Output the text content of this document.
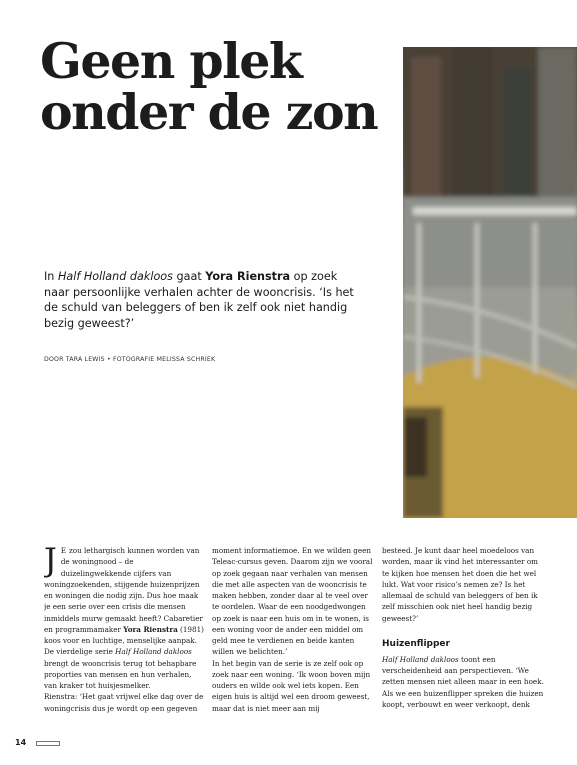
Geen plek
onder de zon

In Half Holland dakloos gaat Yora Rienstra op zoek naar persoonlijke verhalen achter de wooncrisis. ‘Is het de schuld van beleggers of ben ik zelf ook niet handig bezig geweest?’

DOOR TARA LEWIS • FOTOGRAFIE MELISSA SCHRIEK

J E zou lethargisch kunnen worden van de woningnood – de duizelingwekkende cijfers van woningzoekenden, stijgende huizenprijzen en woningen die nodig zijn. Dus hoe maak je een serie over een crisis die mensen inmiddels murw gemaakt heeft? Cabaretier en programmamaker Yora Rienstra (1981) koos voor en luchtige, menselijke aanpak. De vierdelige serie Half Holland dakloos brengt de wooncrisis terug tot behapbare proporties van mensen en hun verhalen, van kraker tot huisjesmelker.

Rienstra: ‘Het gaat vrijwel elke dag over de woningcrisis dus je wordt op een gegeven

moment informatiemoe. En we wilden geen Teleac-cursus geven. Daarom zijn we vooral op zoek gegaan naar verhalen van mensen die met alle aspecten van de wooncrisis te maken hebben, zonder daar al te veel over te oordelen. Waar de een noodgedwongen op zoek is naar een huis om in te wonen, is een woning voor de ander een middel om geld mee te verdienen en beide kanten willen we belichten.’

In het begin van de serie is ze zelf ook op zoek naar een woning. ‘Ik woon boven mijn ouders en wilde ook wel iets kopen. Een eigen huis is altijd wel een droom geweest, maar dat is niet meer aan mij

besteed. Je kunt daar heel moedeloos van worden, maar ik vind het interessanter om te kijken hoe mensen het doen die het wel lukt. Wat voor risico’s nemen ze? Is het allemaal de schuld van beleggers of ben ik zelf misschien ook niet heel handig bezig geweest?’

Huizenflipper

Half Holland dakloos toont een verscheidenheid aan perspectieven. ‘We zetten mensen niet alleen maar in een hoek. Als we een huizenflipper spreken die huizen koopt, verbouwt en weer verkoopt, denk

14
